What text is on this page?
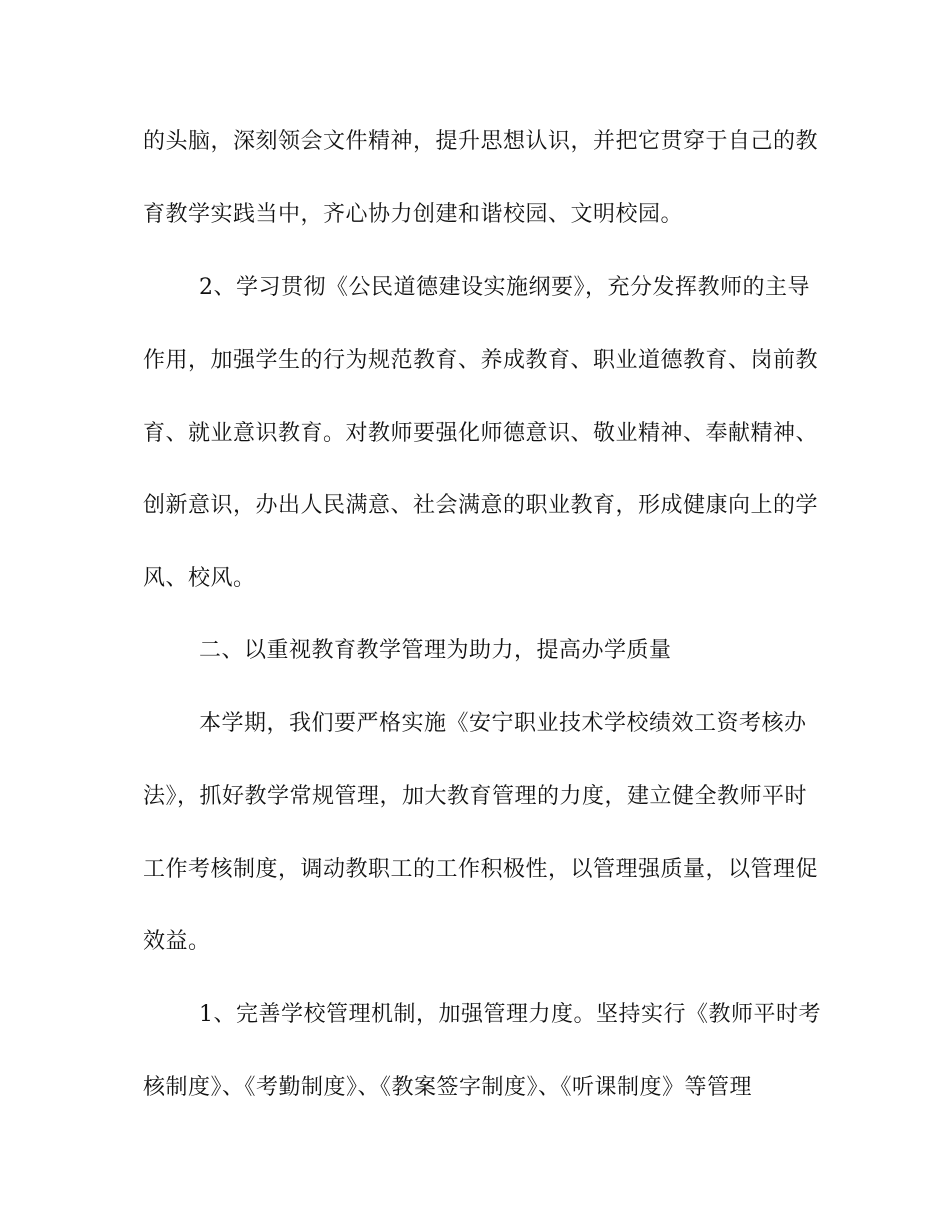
的头脑，深刻领会文件精神，提升思想认识，并把它贯穿于自己的教
育教学实践当中，齐心协力创建和谐校园、文明校园。
2、学习贯彻《公民道德建设实施纲要》，充分发挥教师的主导
作用，加强学生的行为规范教育、养成教育、职业道德教育、岗前教
育、就业意识教育。对教师要强化师德意识、敬业精神、奉献精神、
创新意识，办出人民满意、社会满意的职业教育，形成健康向上的学
风、校风。
二、以重视教育教学管理为助力，提高办学质量
本学期，我们要严格实施《安宁职业技术学校绩效工资考核办
法》，抓好教学常规管理，加大教育管理的力度，建立健全教师平时
工作考核制度，调动教职工的工作积极性，以管理强质量，以管理促
效益。
1、完善学校管理机制，加强管理力度。坚持实行《教师平时考
核制度》、《考勤制度》、《教案签字制度》、《听课制度》等管理
